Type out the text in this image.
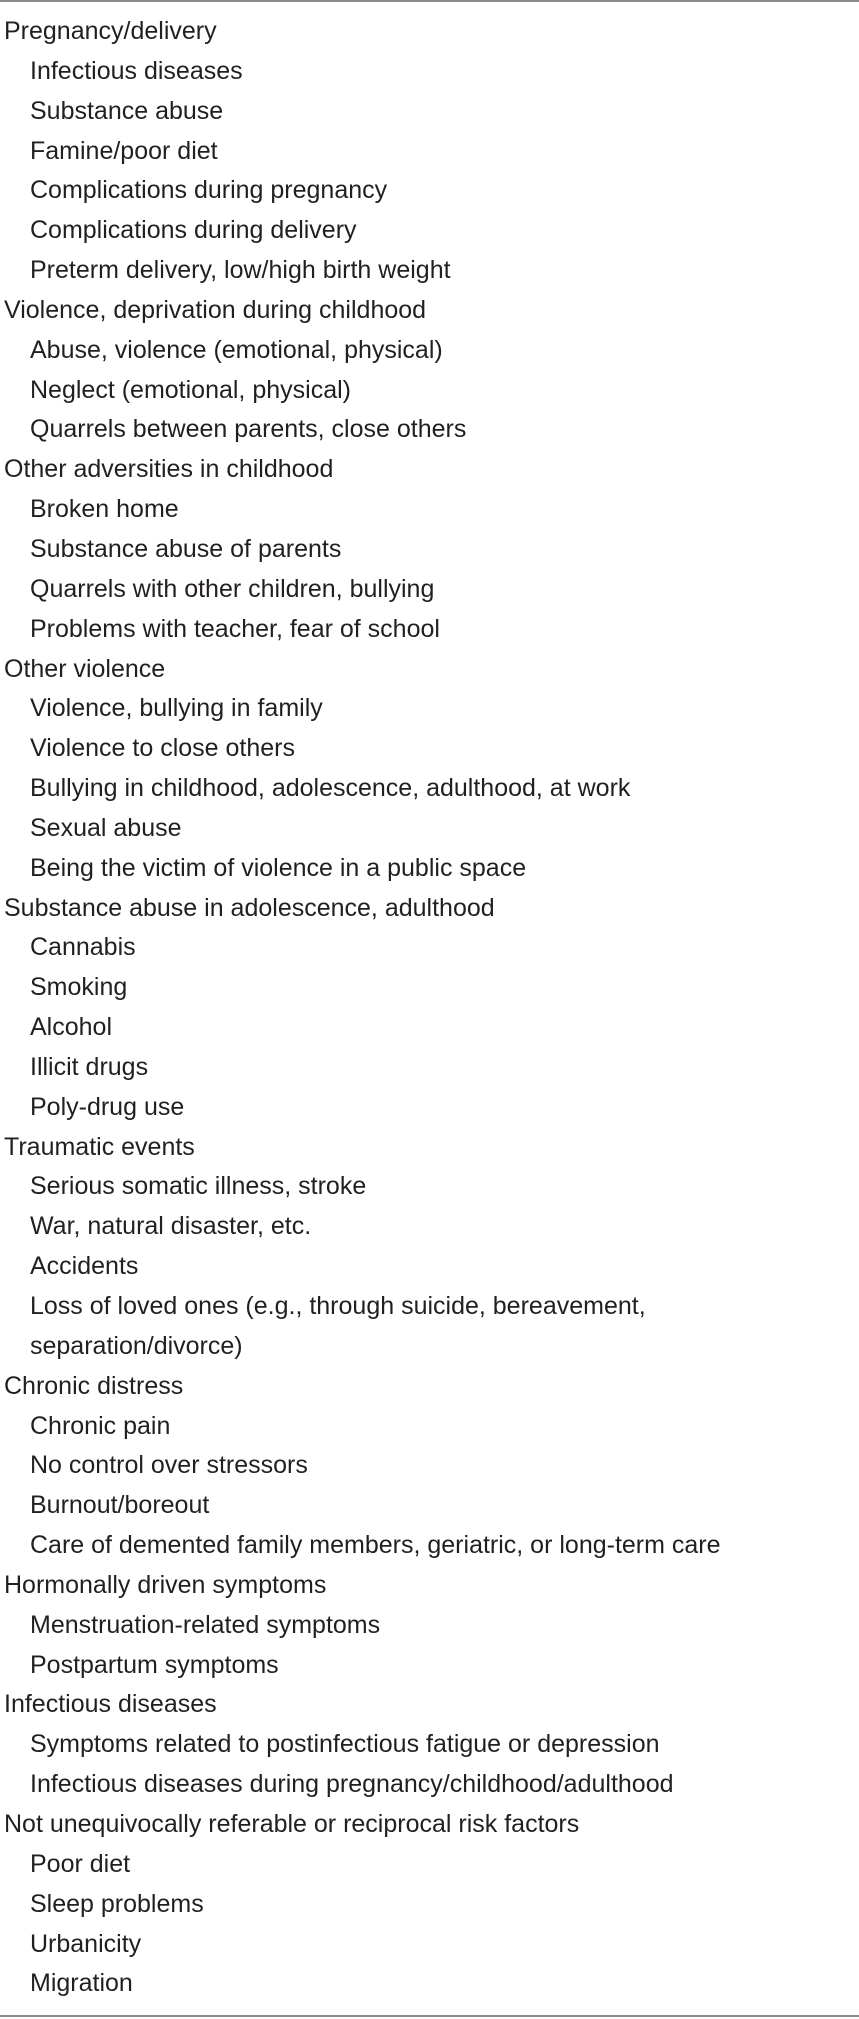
Pregnancy/delivery
Infectious diseases
Substance abuse
Famine/poor diet
Complications during pregnancy
Complications during delivery
Preterm delivery, low/high birth weight
Violence, deprivation during childhood
Abuse, violence (emotional, physical)
Neglect (emotional, physical)
Quarrels between parents, close others
Other adversities in childhood
Broken home
Substance abuse of parents
Quarrels with other children, bullying
Problems with teacher, fear of school
Other violence
Violence, bullying in family
Violence to close others
Bullying in childhood, adolescence, adulthood, at work
Sexual abuse
Being the victim of violence in a public space
Substance abuse in adolescence, adulthood
Cannabis
Smoking
Alcohol
Illicit drugs
Poly-drug use
Traumatic events
Serious somatic illness, stroke
War, natural disaster, etc.
Accidents
Loss of loved ones (e.g., through suicide, bereavement,
separation/divorce)
Chronic distress
Chronic pain
No control over stressors
Burnout/boreout
Care of demented family members, geriatric, or long-term care
Hormonally driven symptoms
Menstruation-related symptoms
Postpartum symptoms
Infectious diseases
Symptoms related to postinfectious fatigue or depression
Infectious diseases during pregnancy/childhood/adulthood
Not unequivocally referable or reciprocal risk factors
Poor diet
Sleep problems
Urbanicity
Migration
